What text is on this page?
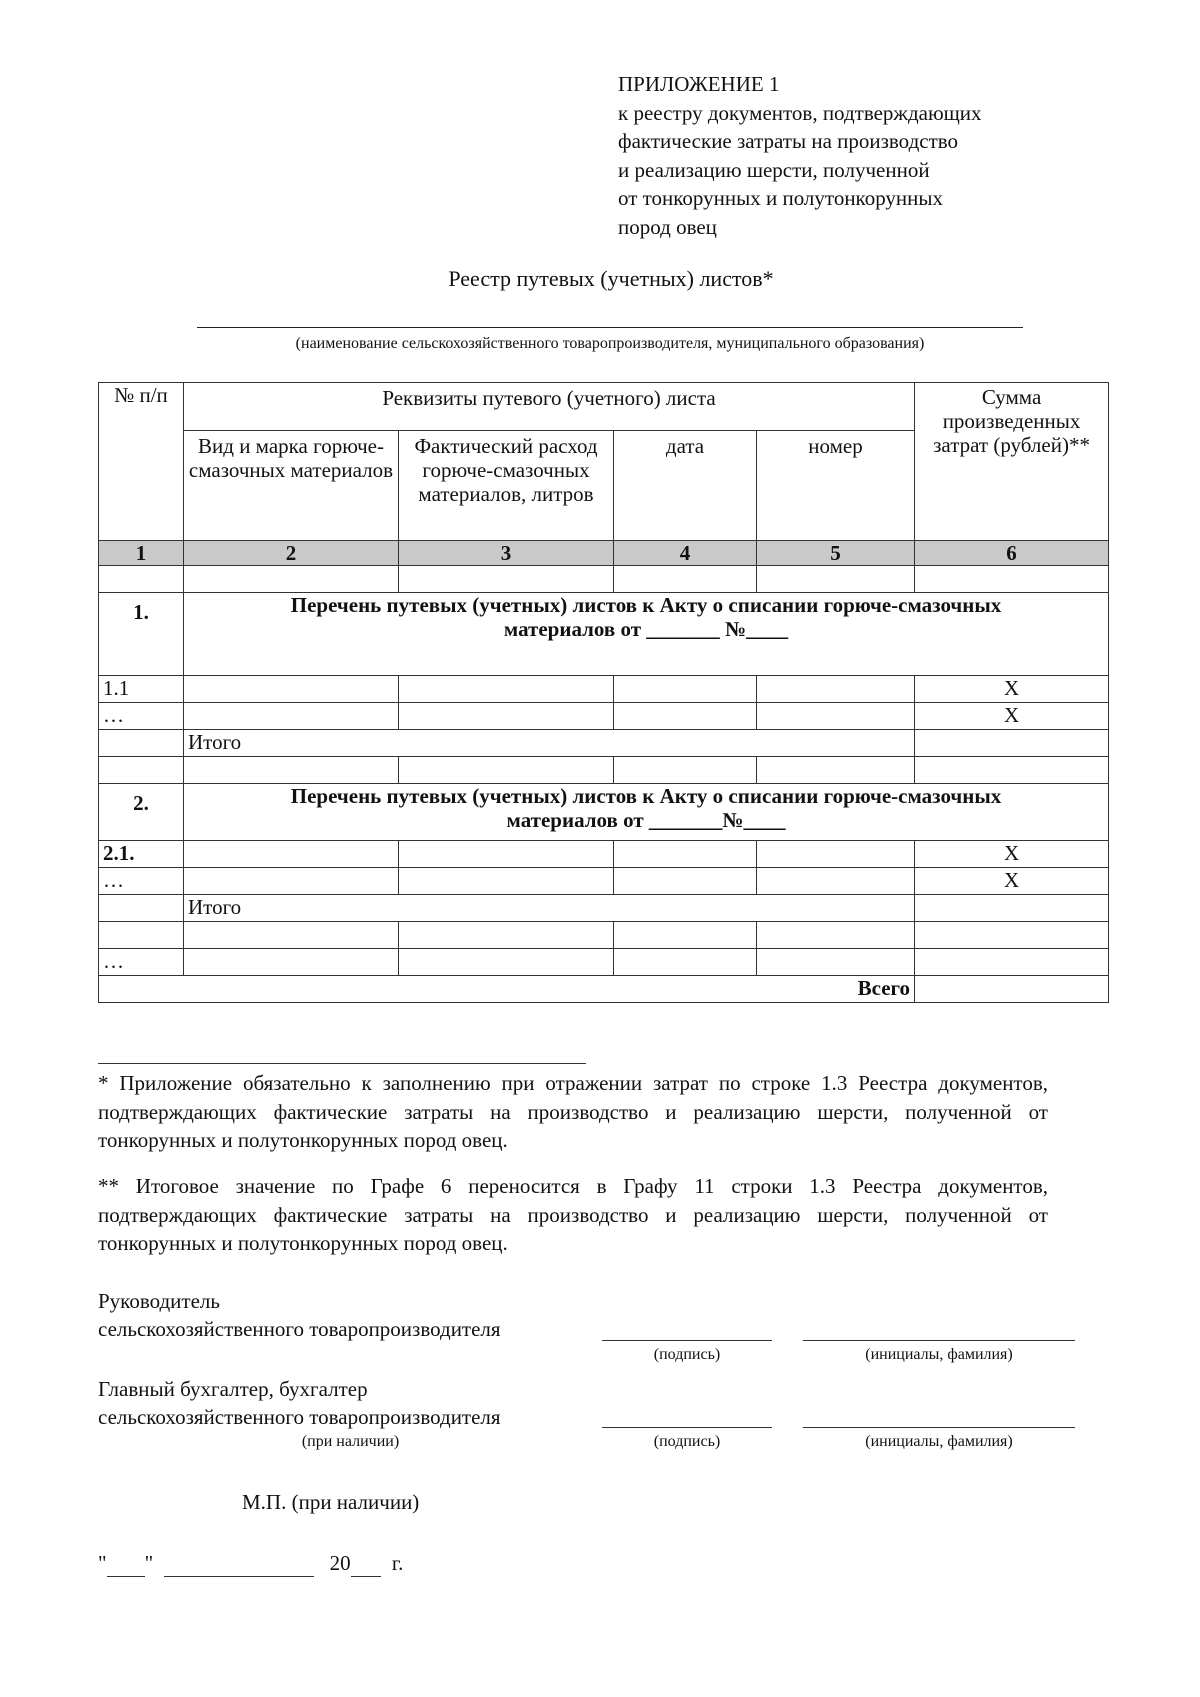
ПРИЛОЖЕНИЕ 1
к реестру документов, подтверждающих
фактические затраты на производство
и реализацию шерсти, полученной
от тонкорунных и полутонкорунных
пород овец
Реестр путевых (учетных) листов*
(наименование сельскохозяйственного товаропроизводителя, муниципального образования)
№ п/п	Реквизиты путевого (учетного) листа				Сумма произведенных затрат (рублей)**
	Вид и марка горюче-смазочных материалов	Фактический расход горюче-смазочных материалов, литров	дата	номер	
1	2	3	4	5	6

1.	Перечень путевых (учетных) листов к Акту о списании горюче-смазочных
материалов от _______ №____				

1.1					Х
…					Х
	Итого				

2.	Перечень путевых (учетных) листов к Акту о списании горюче-смазочных
материалов от _______№____				

2.1.					Х
…					Х
	Итого				

…					
Всего					
* Приложение обязательно к заполнению при отражении затрат по строке 1.3 Реестра документов, подтверждающих фактические затраты на производство и реализацию шерсти, полученной от тонкорунных и полутонкорунных пород овец.
** Итоговое значение по Графе 6 переносится в Графу 11 строки 1.3 Реестра документов, подтверждающих фактические затраты на производство и реализацию шерсти, полученной от тонкорунных и полутонкорунных пород овец.
Руководитель
сельскохозяйственного товаропроизводителя
(подпись)	(инициалы, фамилия)
Главный бухгалтер, бухгалтер
сельскохозяйственного товаропроизводителя
(при наличии)	(подпись)	(инициалы, фамилия)
М.П. (при наличии)
" "	20 г.
